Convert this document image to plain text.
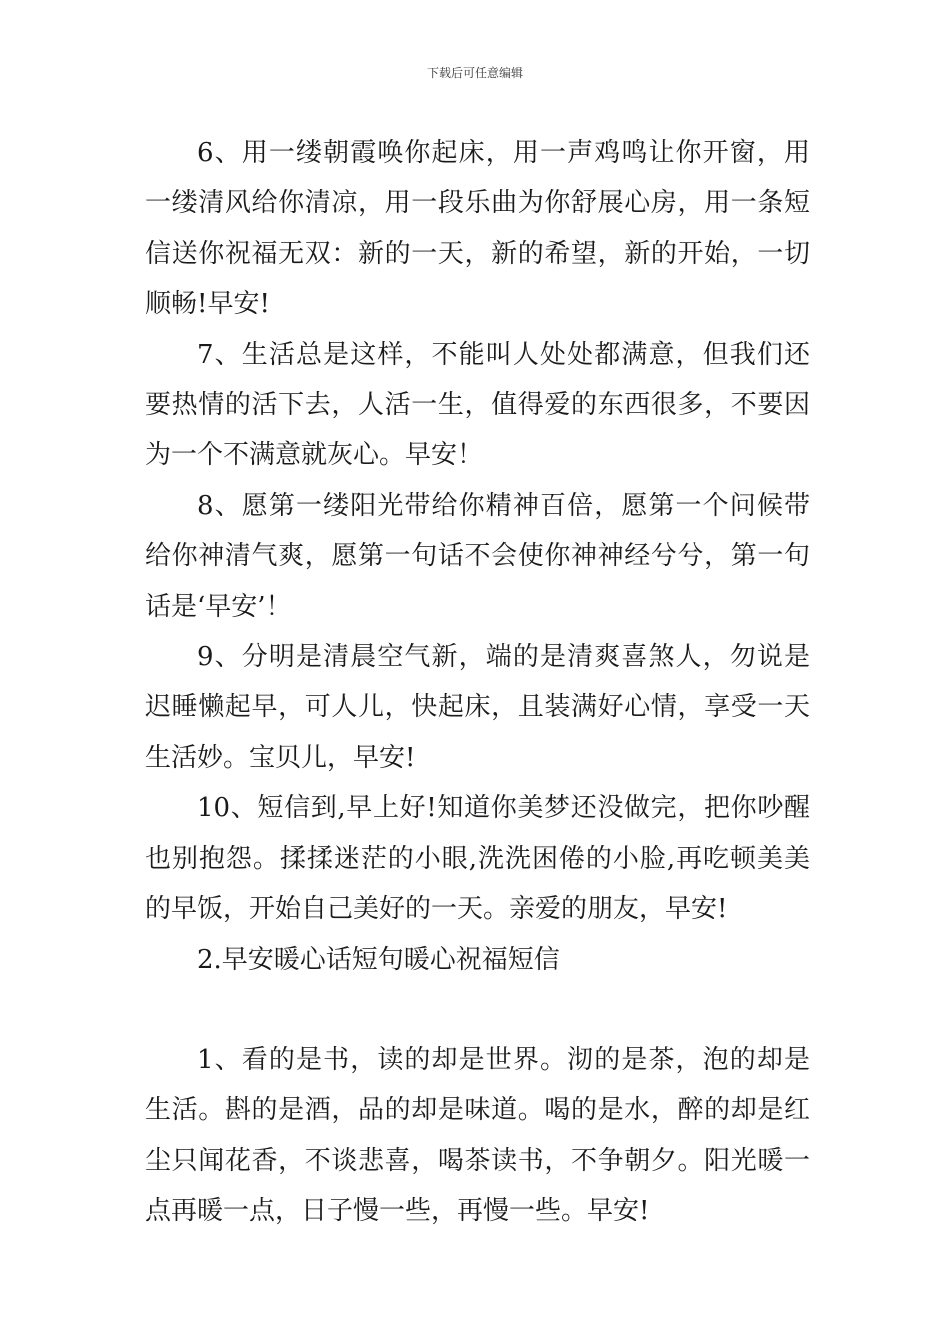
下载后可任意编辑

6、用一缕朝霞唤你起床，用一声鸡鸣让你开窗，用一缕清风给你清凉，用一段乐曲为你舒展心房，用一条短信送你祝福无双：新的一天，新的希望，新的开始，一切顺畅!早安!

7、生活总是这样，不能叫人处处都满意，但我们还要热情的活下去，人活一生，值得爱的东西很多，不要因为一个不满意就灰心。早安！

8、愿第一缕阳光带给你精神百倍，愿第一个问候带给你神清气爽，愿第一句话不会使你神神经兮兮，第一句话是‘早安’！

9、分明是清晨空气新，端的是清爽喜煞人，勿说是迟睡懒起早，可人儿，快起床，且装满好心情，享受一天生活妙。宝贝儿，早安!

10、短信到,早上好!知道你美梦还没做完，把你吵醒也别抱怨。揉揉迷茫的小眼,洗洗困倦的小脸,再吃顿美美的早饭，开始自己美好的一天。亲爱的朋友，早安!

2.早安暖心话短句暖心祝福短信

1、看的是书，读的却是世界。沏的是茶，泡的却是生活。斟的是酒，品的却是味道。喝的是水，醉的却是红尘只闻花香，不谈悲喜，喝茶读书，不争朝夕。阳光暖一点再暖一点，日子慢一些，再慢一些。早安!
